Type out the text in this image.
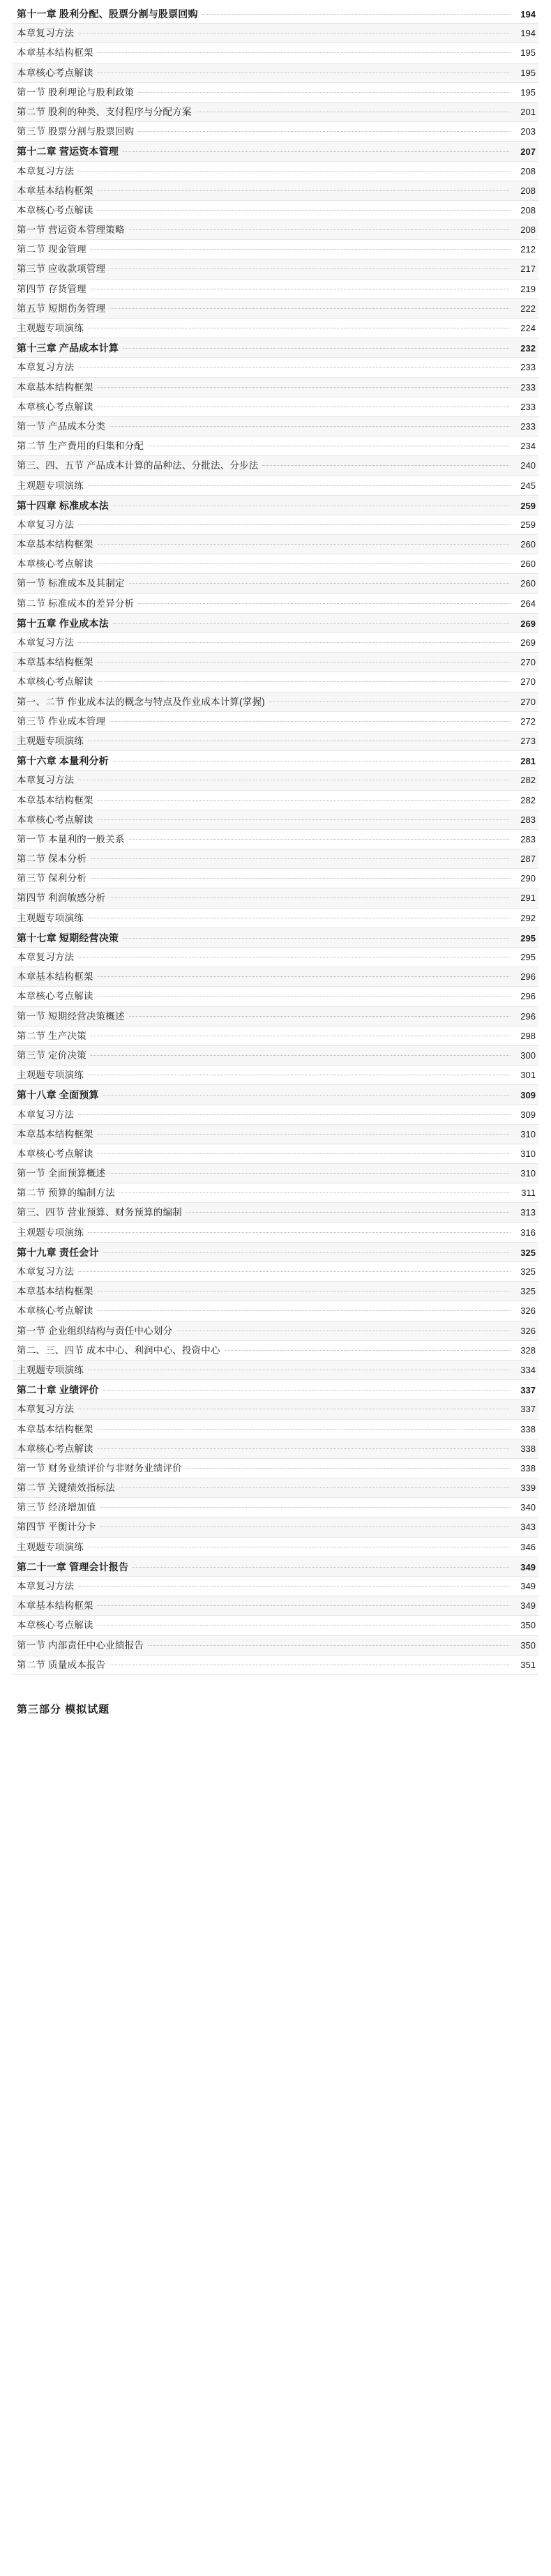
第十一章 股利分配、股票分割与股票回购	194
本章复习方法	194
本章基本结构框架	195
本章核心考点解读	195
第一节 股利理论与股利政策	195
第二节 股利的种类、支付程序与分配方案	201
第三节 股票分割与股票回购	203
第十二章 营运资本管理	207
本章复习方法	208
本章基本结构框架	208
本章核心考点解读	208
第一节 营运资本管理策略	208
第二节 现金管理	212
第三节 应收款项管理	217
第四节 存货管理	219
第五节 短期伤务管理	222
主观题专项演练	224
第十三章 产品成本计算	232
本章复习方法	233
本章基本结构框架	233
本章核心考点解读	233
第一节 产品成本分类	233
第二节 生产费用的归集和分配	234
第三、四、五节 产品成本计算的品种法、分批法、分步法	240
主观题专项演练	245
第十四章 标准成本法	259
本章复习方法	259
本章基本结构框架	260
本章核心考点解读	260
第一节 标准成本及其制定	260
第二节 标准成本的差异分析	264
第十五章 作业成本法	269
本章复习方法	269
本章基本结构框架	270
本章核心考点解读	270
第一、二节 作业成本法的概念与特点及作业成本计算(掌握)	270
第三节 作业成本管理	272
主观题专项演练	273
第十六章 本量利分析	281
本章复习方法	282
本章基本结构框架	282
本章核心考点解读	283
第一节 本量利的一般关系	283
第二节 保本分析	287
第三节 保利分析	290
第四节 利润敏感分析	291
主观题专项演练	292
第十七章 短期经营决策	295
本章复习方法	295
本章基本结构框架	296
本章核心考点解读	296
第一节 短期经营决策概述	296
第二节 生产决策	298
第三节 定价决策	300
主观题专项演练	301
第十八章 全面预算	309
本章复习方法	309
本章基本结构框架	310
本章核心考点解读	310
第一节 全面预算概述	310
第二节 预算的编制方法	311
第三、四节 营业预算、财务预算的编制	313
主观题专项演练	316
第十九章 责任会计	325
本章复习方法	325
本章基本结构框架	325
本章核心考点解读	326
第一节 企业组织结构与责任中心划分	326
第二、三、四节 成本中心、利润中心、投资中心	328
主观题专项演练	334
第二十章 业绩评价	337
本章复习方法	337
本章基本结构框架	338
本章核心考点解读	338
第一节 财务业绩评价与非财务业绩评价	338
第二节 关键绩效指标法	339
第三节 经济增加值	340
第四节 平衡计分卡	343
主观题专项演练	346
第二十一章 管理会计报告	349
本章复习方法	349
本章基本结构框架	349
本章核心考点解读	350
第一节 内部责任中心业绩报告	350
第二节 质量成本报告	351
第三部分 模拟试题
